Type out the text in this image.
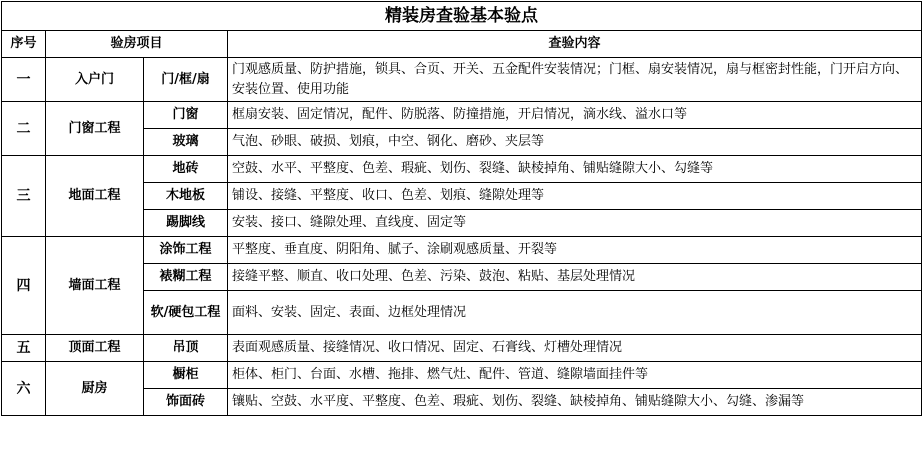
精装房查验基本验点			
序号	验房项目		查验内容
一	入户门	门/框/扇	门观感质量、防护措施，锁具、合页、开关、五金配件安装情况；门框、扇安装情况，扇与框密封性能，门开启方向、安装位置、使用功能
二	门窗工程	门窗	框扇安装、固定情况，配件、防脱落、防撞措施，开启情况，滴水线、溢水口等
		玻璃	气泡、砂眼、破损、划痕，中空、钢化、磨砂、夹层等
三	地面工程	地砖	空鼓、水平、平整度、色差、瑕疵、划伤、裂缝、缺棱掉角、铺贴缝隙大小、勾缝等
		木地板	铺设、接缝、平整度、收口、色差、划痕、缝隙处理等
		踢脚线	安装、接口、缝隙处理、直线度、固定等
四	墙面工程	涂饰工程	平整度、垂直度、阴阳角、腻子、涂刷观感质量、开裂等
		裱糊工程	接缝平整、顺直、收口处理、色差、污染、鼓泡、粘贴、基层处理情况
		软/硬包工程	面料、安装、固定、表面、边框处理情况
五	顶面工程	吊顶	表面观感质量、接缝情况、收口情况、固定、石膏线、灯槽处理情况
六	厨房	橱柜	柜体、柜门、台面、水槽、拖排、燃气灶、配件、管道、缝隙墙面挂件等
		饰面砖	镶贴、空鼓、水平度、平整度、色差、瑕疵、划伤、裂缝、缺棱掉角、铺贴缝隙大小、勾缝、渗漏等
